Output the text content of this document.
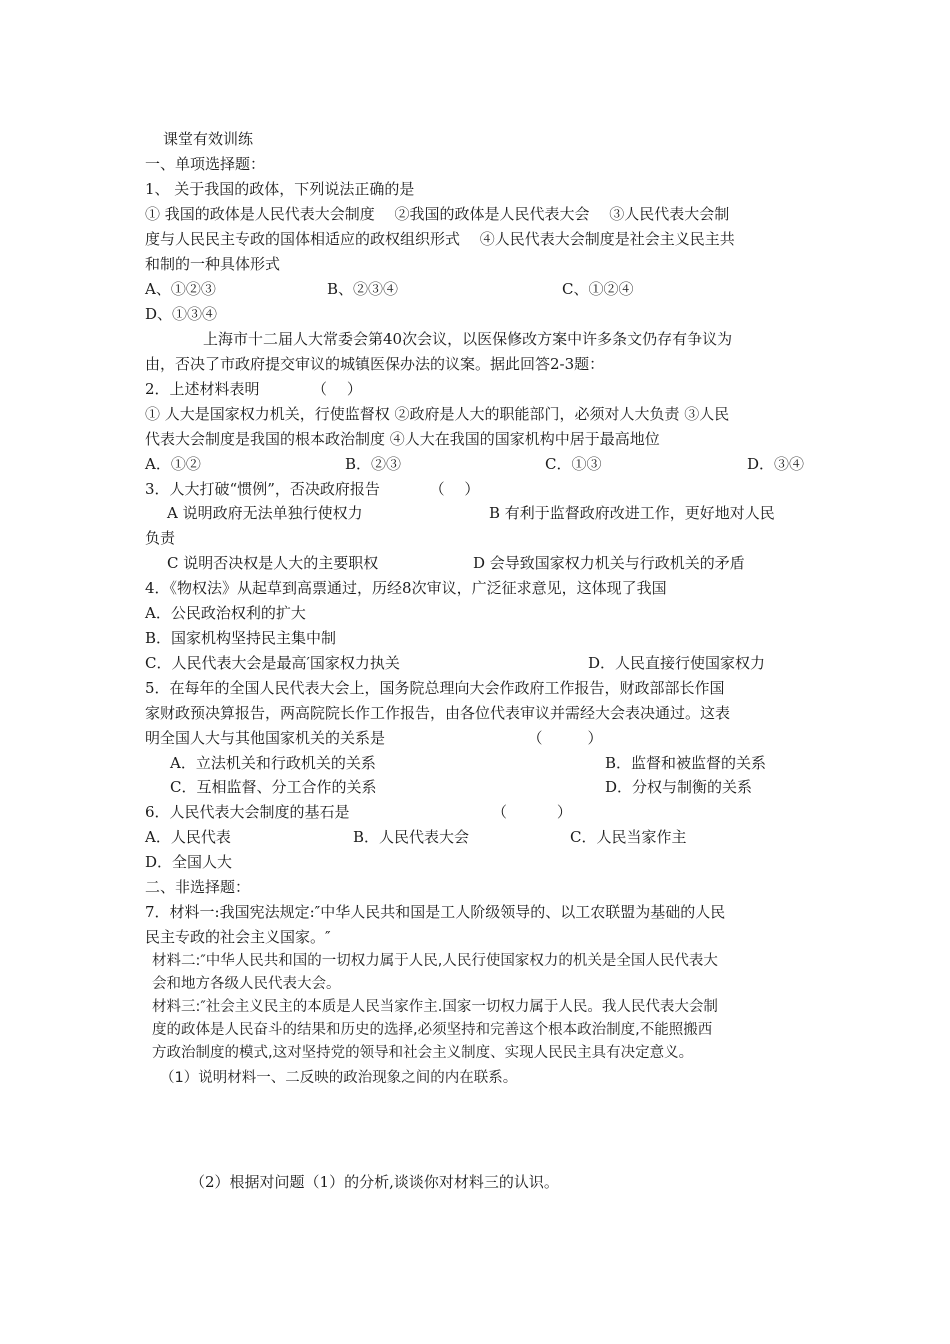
课堂有效训练
一、单项选择题：
1、 关于我国的政体，下列说法正确的是
① 我国的政体是人民代表大会制度　 ②我国的政体是人民代表大会　 ③人民代表大会制
度与人民民主专政的国体相适应的政权组织形式　 ④人民代表大会制度是社会主义民主共
和制的一种具体形式
A、①②③	B、②③④	C、①②④
D、①③④
上海市十二届人大常委会第40次会议，以医保修改方案中许多条文仍存有争议为
由，否决了市政府提交审议的城镇医保办法的议案。据此回答2-3题：
2．上述材料表明　　　　（　 ）
① 人大是国家权力机关，行使监督权 ②政府是人大的职能部门，必须对人大负责 ③人民
代表大会制度是我国的根本政治制度 ④人大在我国的国家机构中居于最高地位
A．①②	B．②③	C．①③	D．③④
3．人大打破“惯例”，否决政府报告　　　 （　 ）
A 说明政府无法单独行使权力	B 有利于监督政府改进工作，更好地对人民
负责
C 说明否决权是人大的主要职权	D 会导致国家权力机关与行政机关的矛盾
4．《物权法》从起草到高票通过，历经8次审议，广泛征求意见，这体现了我国
A．公民政治权利的扩大
B．国家机构坚持民主集中制
C．人民代表大会是最高′国家权力执关	D．人民直接行使国家权力
5．在每年的全国人民代表大会上，国务院总理向大会作政府工作报告，财政部部长作国
家财政预决算报告，两高院院长作工作报告，由各位代表审议并需经大会表决通过。这表
明全国人大与其他国家机关的关系是　　　　　　　　　　（　　　）
A．立法机关和行政机关的关系	B．监督和被监督的关系
C．互相监督、分工合作的关系	D．分权与制衡的关系
6．人民代表大会制度的基石是　　　　　　　　　　（　　　 ）
A．人民代表	B．人民代表大会	C．人民当家作主
D．全国人大
二、非选择题：
7．材料一:我国宪法规定:″中华人民共和国是工人阶级领导的、以工农联盟为基础的人民
民主专政的社会主义国家。″
材料二:″中华人民共和国的一切权力属于人民,人民行使国家权力的机关是全国人民代表大
会和地方各级人民代表大会。
材料三:″社会主义民主的本质是人民当家作主.国家一切权力属于人民。我人民代表大会制
度的政体是人民奋斗的结果和历史的选择,必须坚持和完善这个根本政治制度,不能照搬西
方政治制度的模式,这对坚持党的领导和社会主义制度、实现人民民主具有决定意义。
（1）说明材料一、二反映的政治现象之间的内在联系。
（2）根据对问题（1）的分析,谈谈你对材料三的认识。
